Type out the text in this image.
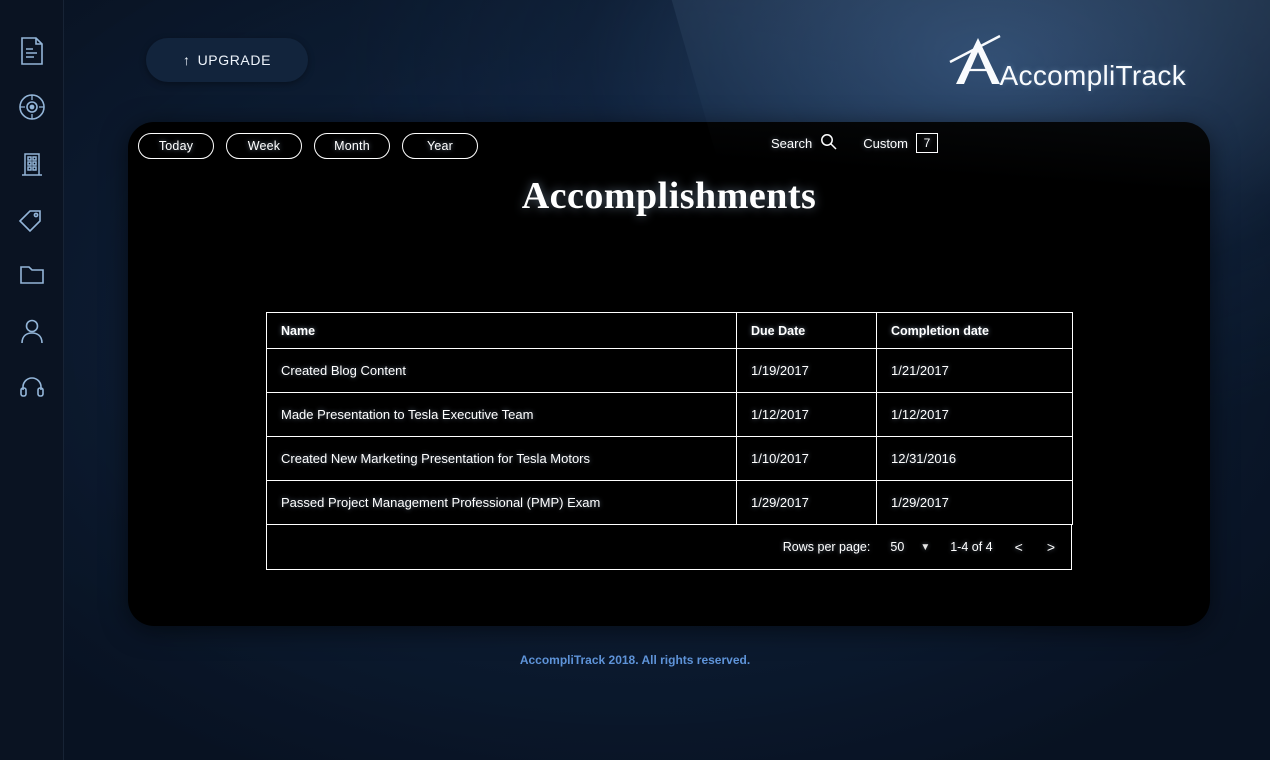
↑ UPGRADE	AccompliTrack
Accomplishments
Today	Week	Month	Year	Search	Custom	7
Name	Due Date	Completion date
Created Blog Content	1/19/2017	1/21/2017
Made Presentation to Tesla Executive Team	1/12/2017	1/12/2017
Created New Marketing Presentation for Tesla Motors	1/10/2017	12/31/2016
Passed Project Management Professional (PMP) Exam	1/29/2017	1/29/2017
Rows per page:	50 ▼ 1-4 of 4 < >
AccompliTrack 2018. All rights reserved.
